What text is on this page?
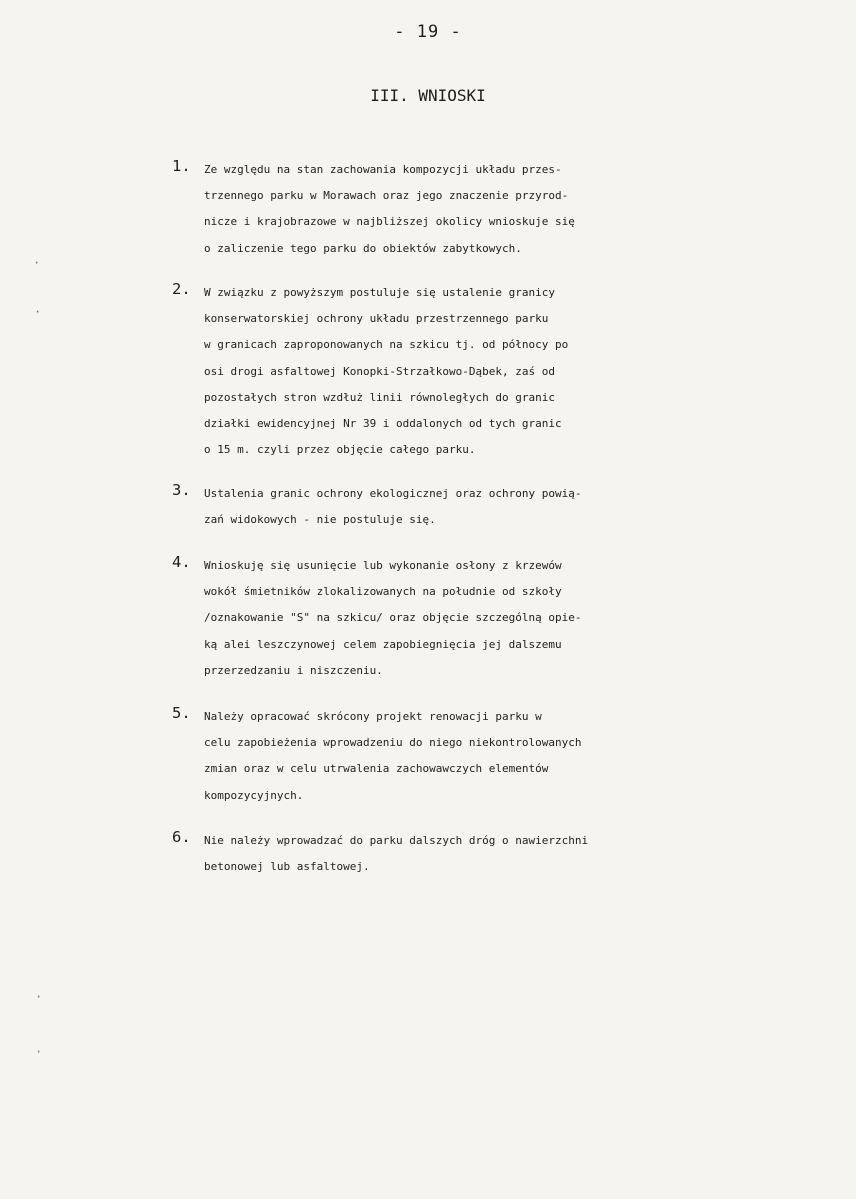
- 19 -
III. WNIOSKI
1. Ze względu na stan zachowania kompozycji układu przes-
trzennego parku w Morawach oraz jego znaczenie przyrod-
nicze i krajobrazowe w najbliższej okolicy wnioskuje się
o zaliczenie tego parku do obiektów zabytkowych.
2. W związku z powyższym postuluje się ustalenie granicy
konserwatorskiej ochrony układu przestrzennego parku
w granicach zaproponowanych na szkicu tj. od północy po
osi drogi asfaltowej Konopki-Strzałkowo-Dąbek, zaś od
pozostałych stron wzdłuż linii równoległych do granic
działki ewidencyjnej Nr 39 i oddalonych od tych granic
o 15 m. czyli przez objęcie całego parku.
3. Ustalenia granic ochrony ekologicznej oraz ochrony powią-
zań widokowych - nie postuluje się.
4. Wnioskuję się usunięcie lub wykonanie osłony z krzewów
wokół śmietników zlokalizowanych na południe od szkoły
/oznakowanie "S" na szkicu/ oraz objęcie szczególną opie-
ką alei leszczynowej celem zapobiegnięcia jej dalszemu
przerzedzaniu i niszczeniu.
5. Należy opracować skrócony projekt renowacji parku w
celu zapobieżenia wprowadzeniu do niego niekontrolowanych
zmian oraz w celu utrwalenia zachowawczych elementów
kompozycyjnych.
6. Nie należy wprowadzać do parku dalszych dróg o nawierzchni
betonowej lub asfaltowej.
·
·
·
·
